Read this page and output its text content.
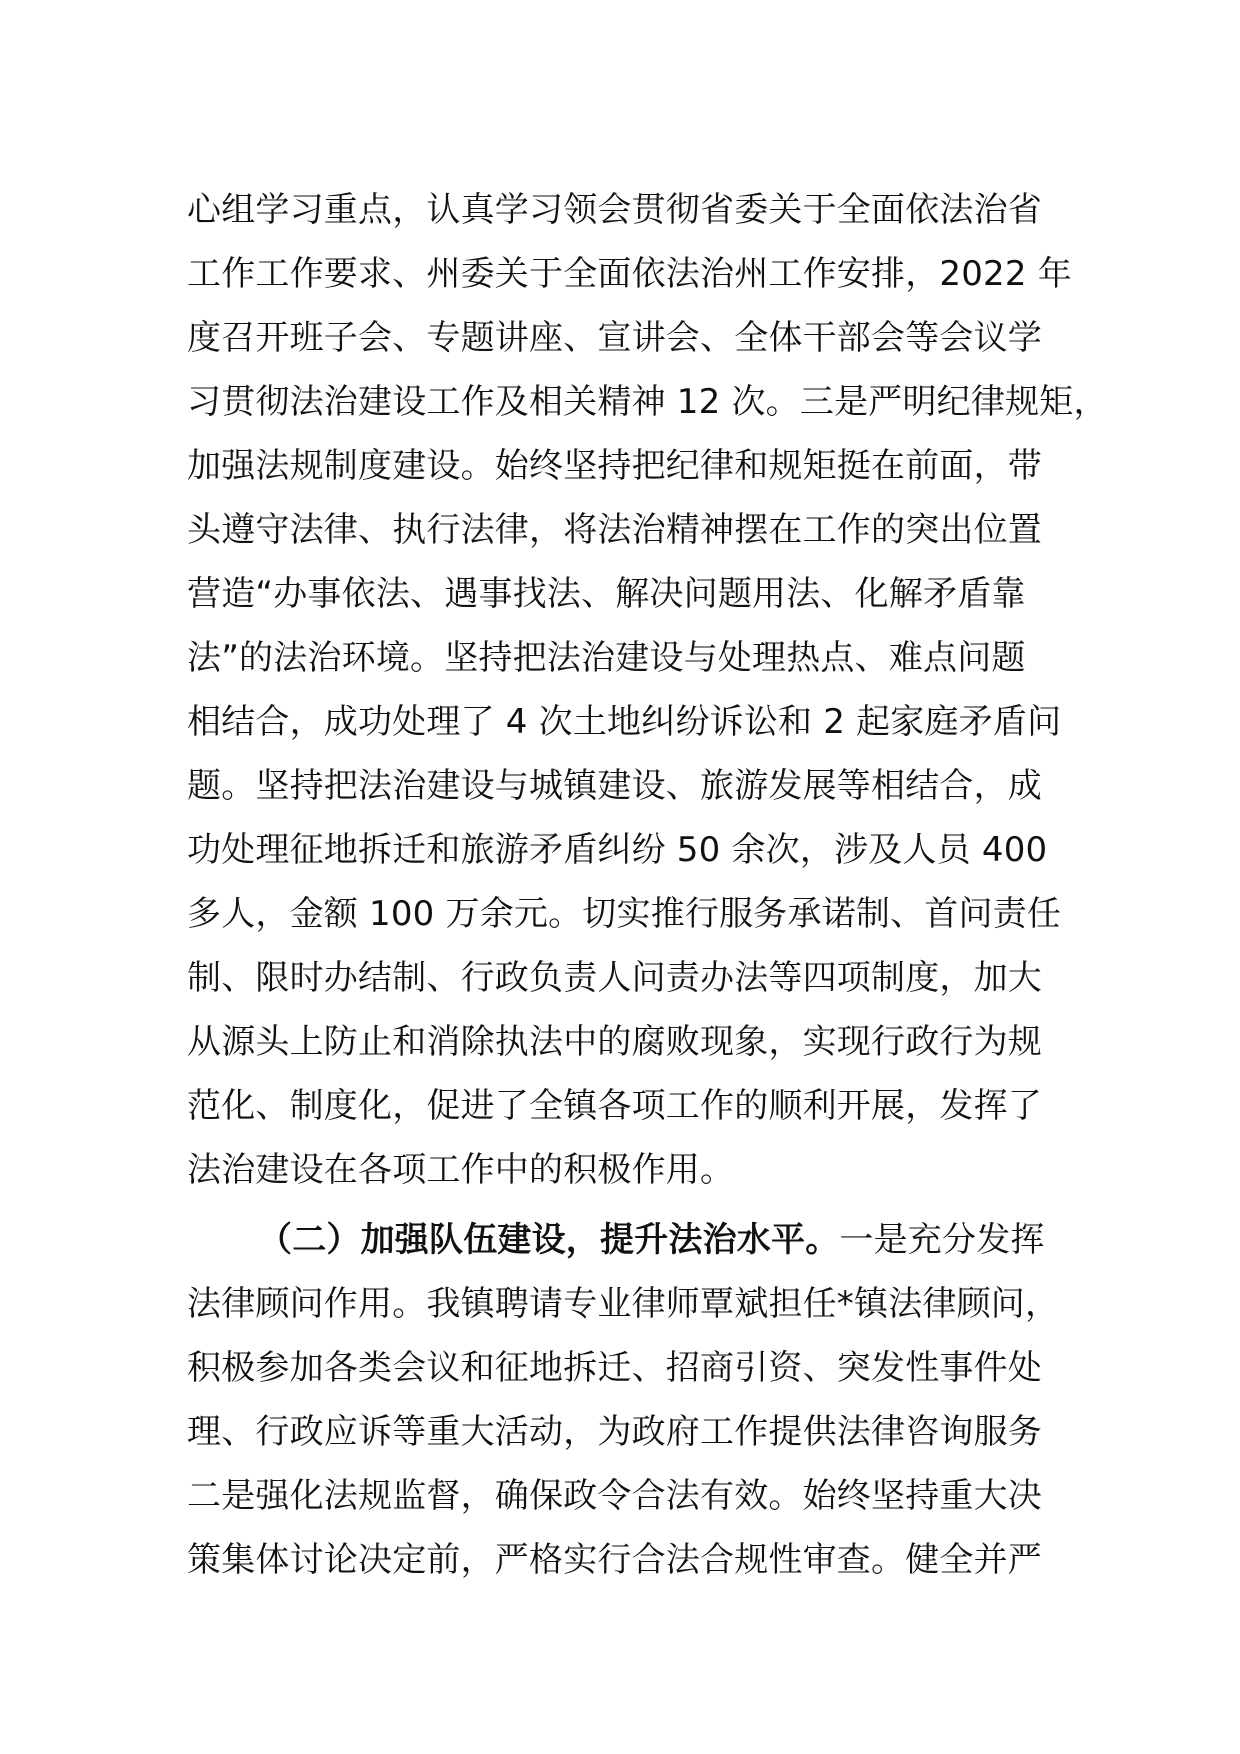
心组学习重点，认真学习领会贯彻省委关于全面依法治省
工作工作要求、州委关于全面依法治州工作安排，2022 年
度召开班子会、专题讲座、宣讲会、全体干部会等会议学
习贯彻法治建设工作及相关精神 12 次。三是严明纪律规矩，
加强法规制度建设。始终坚持把纪律和规矩挺在前面，带
头遵守法律、执行法律，将法治精神摆在工作的突出位置
营造“办事依法、遇事找法、解决问题用法、化解矛盾靠
法”的法治环境。坚持把法治建设与处理热点、难点问题
相结合，成功处理了 4 次土地纠纷诉讼和 2 起家庭矛盾问
题。坚持把法治建设与城镇建设、旅游发展等相结合，成
功处理征地拆迁和旅游矛盾纠纷 50 余次，涉及人员 400
多人，金额 100 万余元。切实推行服务承诺制、首问责任
制、限时办结制、行政负责人问责办法等四项制度，加大
从源头上防止和消除执法中的腐败现象，实现行政行为规
范化、制度化，促进了全镇各项工作的顺利开展，发挥了
法治建设在各项工作中的积极作用。
（二）加强队伍建设，提升法治水平。一是充分发挥
法律顾问作用。我镇聘请专业律师覃斌担任*镇法律顾问，
积极参加各类会议和征地拆迁、招商引资、突发性事件处
理、行政应诉等重大活动，为政府工作提供法律咨询服务
二是强化法规监督，确保政令合法有效。始终坚持重大决
策集体讨论决定前，严格实行合法合规性审查。健全并严
